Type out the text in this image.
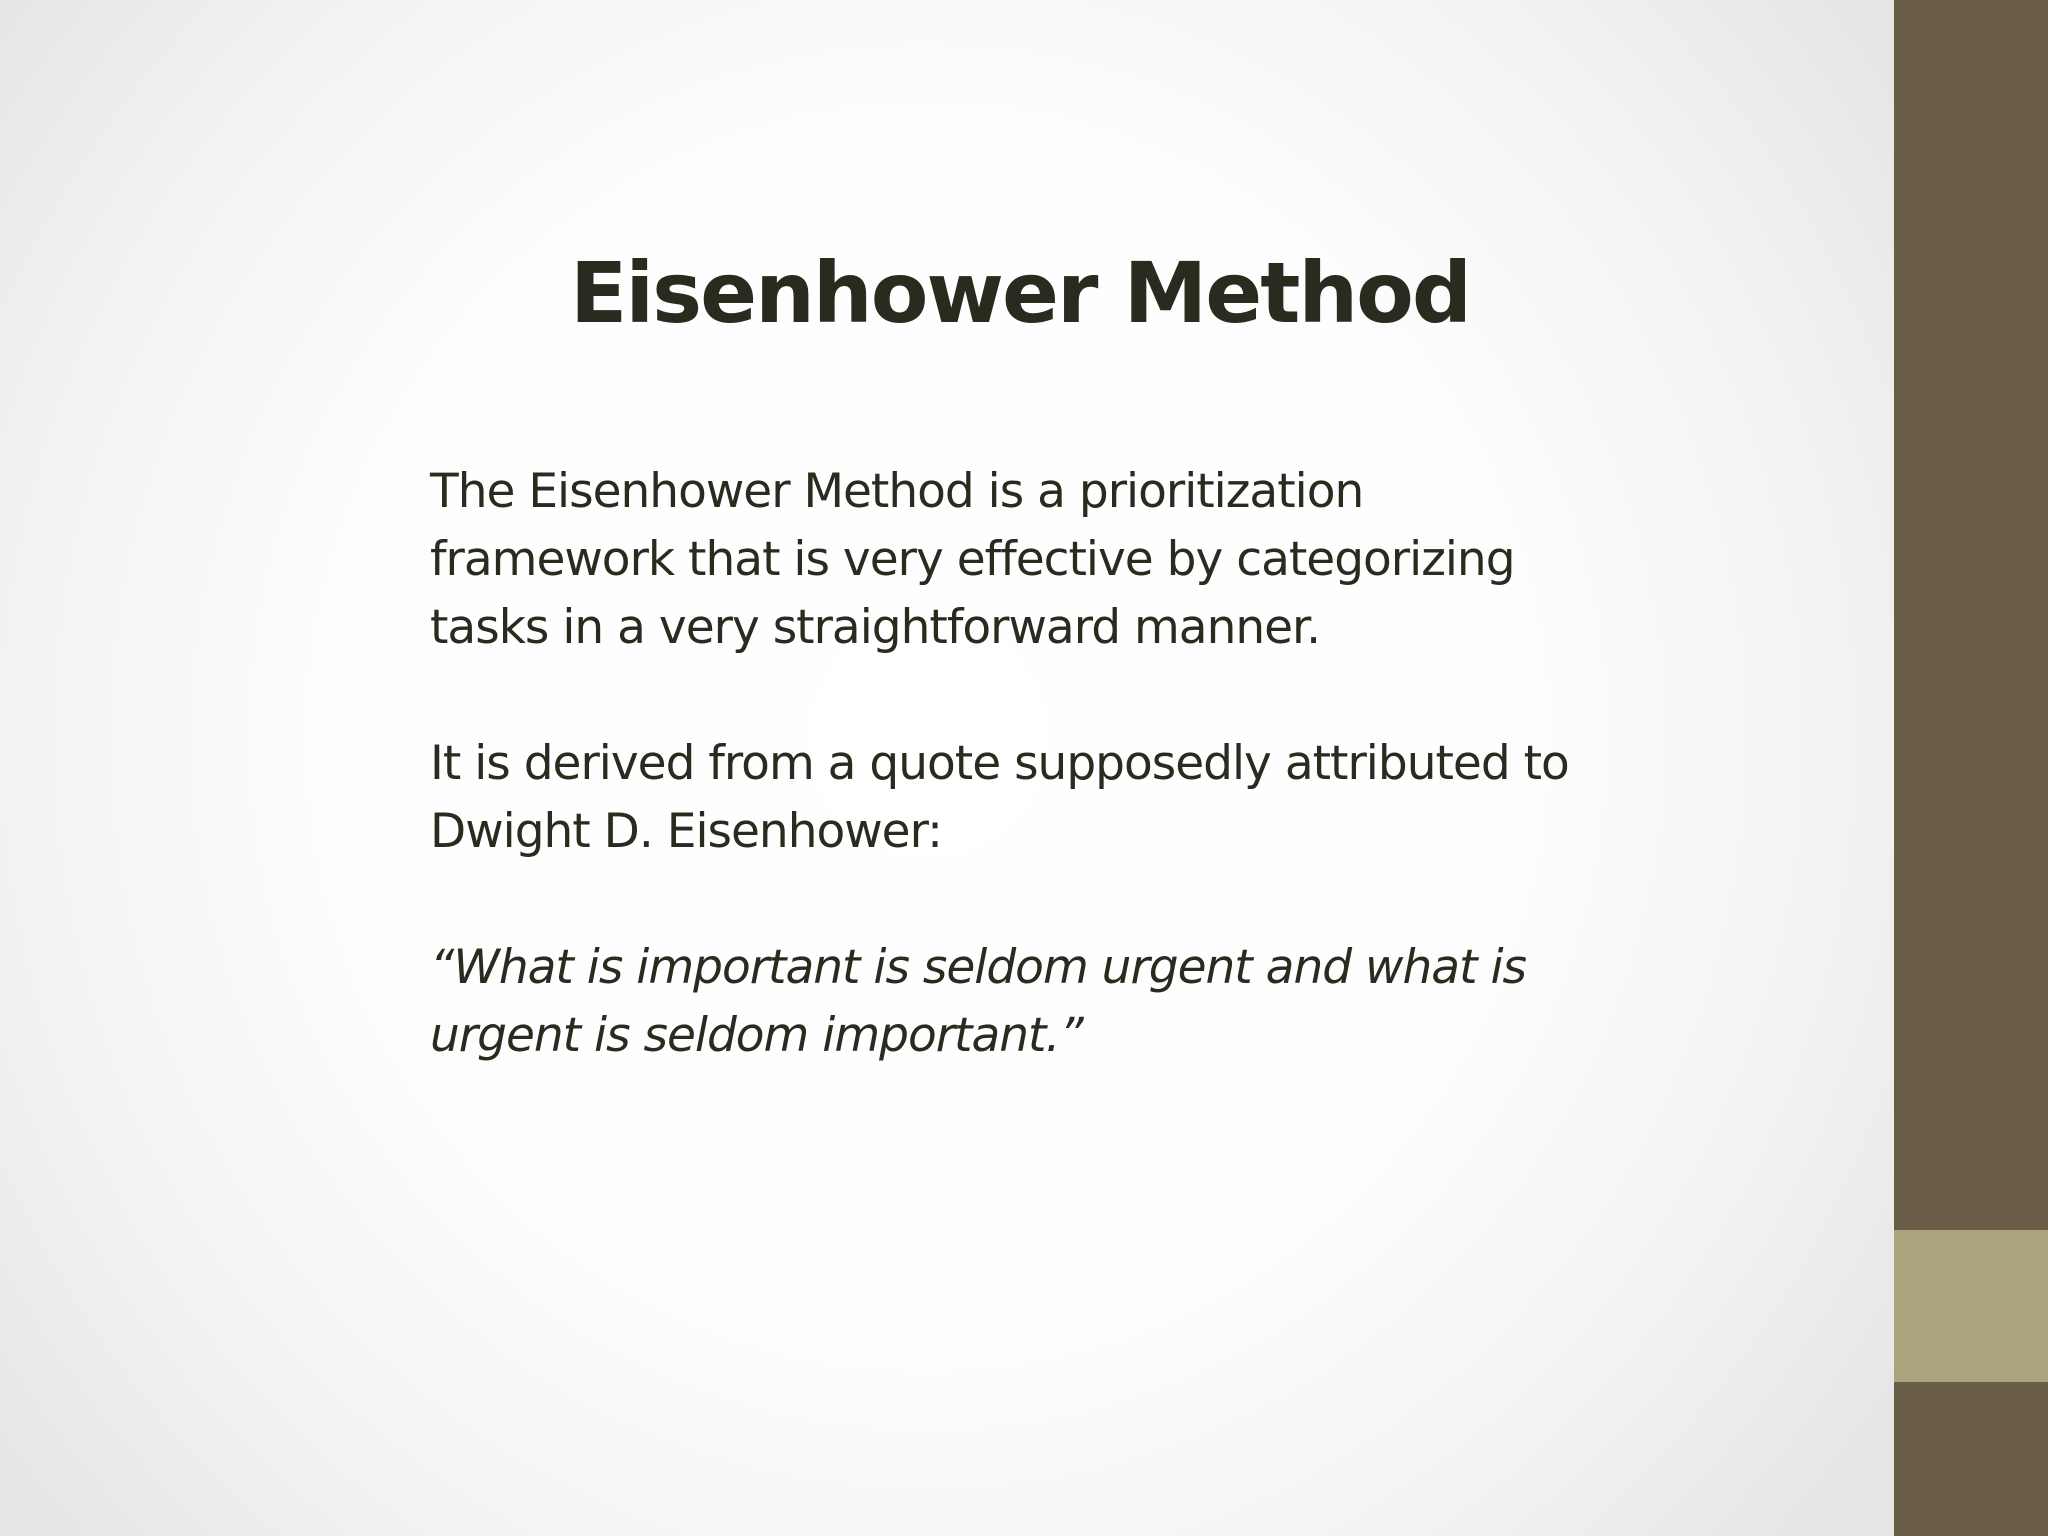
Eisenhower Method

The Eisenhower Method is a prioritization framework that is very effective by categorizing tasks in a very straightforward manner.

It is derived from a quote supposedly attributed to Dwight D. Eisenhower:

“What is important is seldom urgent and what is urgent is seldom important.”
